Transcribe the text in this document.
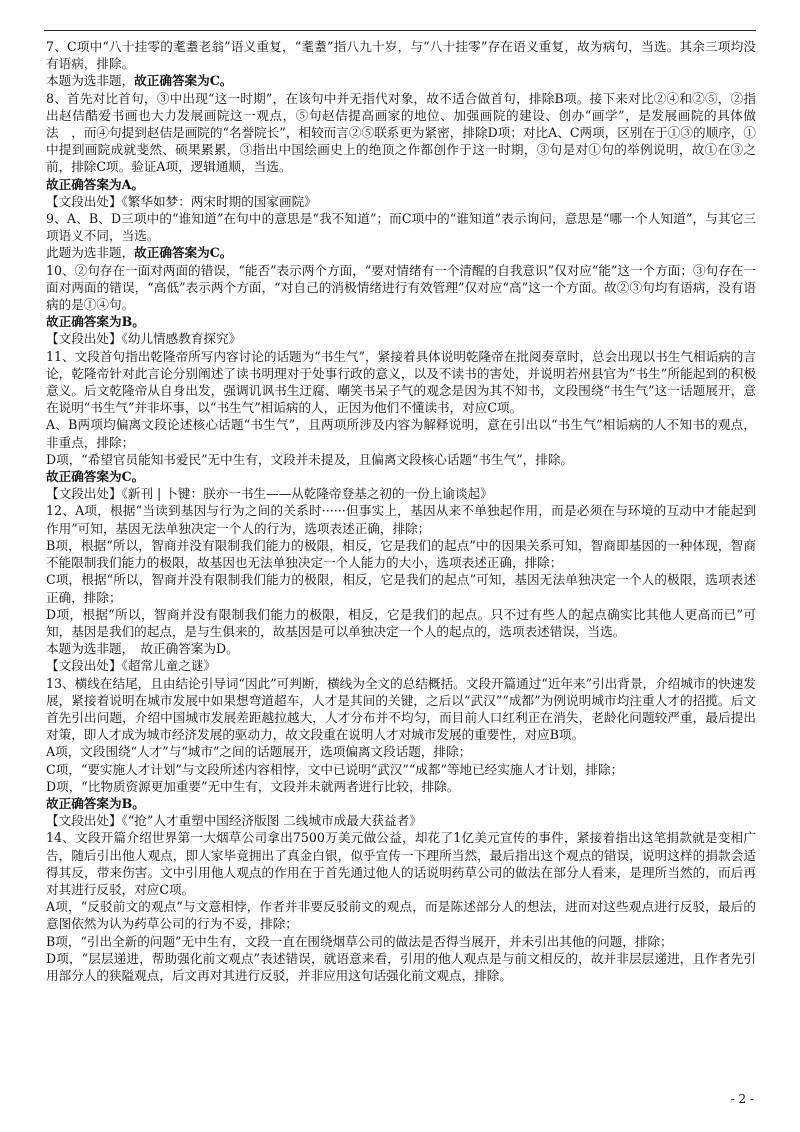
7、C项中“八十挂零的耄耋老翁”语义重复，“耄耋”指八九十岁，与“八十挂零”存在语义重复，故为病句，当选。其余三项均没有语病，排除。

本题为选非题，故正确答案为C。

8、首先对比首句，③中出现“这一时期”，在该句中并无指代对象，故不适合做首句，排除B项。接下来对比②④和②⑤，②指出赵佶酷爱书画也大力发展画院这一观点，⑤句赵佶提高画家的地位、加强画院的建设、创办“画学”，是发展画院的具体做法　，而④句提到赵佶是画院的“名誉院长”，相较而言②⑤联系更为紧密，排除D项；对比A、C两项，区别在于①③的顺序，①中提到画院成就斐然、硕果累累，③指出中国绘画史上的绝顶之作都创作于这一时期，③句是对①句的举例说明，故①在③之前，排除C项。验证A项，逻辑通顺，当选。

故正确答案为A。

【文段出处】《繁华如梦：两宋时期的国家画院》

9、A、B、D三项中的“谁知道”在句中的意思是“我不知道”；而C项中的“谁知道”表示询问，意思是“哪一个人知道”，与其它三项语义不同，当选。

此题为选非题，故正确答案为C。

10、②句存在一面对两面的错误，“能否”表示两个方面，“要对情绪有一个清醒的自我意识”仅对应“能”这一个方面；③句存在一面对两面的错误，“高低”表示两个方面，“对自己的消极情绪进行有效管理”仅对应“高”这一个方面。故②③句均有语病，没有语病的是①④句。

故正确答案为B。

【文段出处】《幼儿情感教育探究》

11、文段首句指出乾隆帝所写内容讨论的话题为“书生气”，紧接着具体说明乾隆帝在批阅奏章时，总会出现以书生气相诟病的言论，乾隆帝针对此言论分别阐述了读书明理对于处事行政的意义，以及不读书的害处，并说明若州县官为“书生”所能起到的积极意义。后文乾隆帝从自身出发，强调讥讽书生迂腐、嘲笑书呆子气的观念是因为其不知书，文段围绕“书生气”这一话题展开，意在说明“书生气”并非坏事，以“书生气”相诟病的人，正因为他们不懂读书，对应C项。

A、B两项均偏离文段论述核心话题“书生气”，且两项所涉及内容为解释说明，意在引出以“书生气”相诟病的人不知书的观点，非重点，排除；

D项，“希望官员能知书爱民”无中生有，文段并未提及，且偏离文段核心话题“书生气”，排除。

故正确答案为C。

【文段出处】《新刊 | 卜键：朕亦一书生——从乾隆帝登基之初的一份上谕谈起》

12、A项，根据“当读到基因与行为之间的关系时······但事实上，基因从来不单独起作用，而是必须在与环境的互动中才能起到作用”可知，基因无法单独决定一个人的行为，选项表述正确，排除；

B项，根据“所以，智商并没有限制我们能力的极限，相反，它是我们的起点”中的因果关系可知，智商即基因的一种体现，智商不能限制我们能力的极限，故基因也无法单独决定一个人能力的大小，选项表述正确，排除；

C项，根据“所以，智商并没有限制我们能力的极限，相反，它是我们的起点”可知，基因无法单独决定一个人的极限，选项表述正确，排除；

D项，根据“所以，智商并没有限制我们能力的极限，相反，它是我们的起点。只不过有些人的起点确实比其他人更高而已”可知，基因是我们的起点，是与生俱来的，故基因是可以单独决定一个人的起点的，选项表述错误，当选。

本题为选非题，　故正确答案为D。

【文段出处】《超常儿童之谜》

13、横线在结尾，且由结论引导词“因此”可判断，横线为全文的总结概括。文段开篇通过“近年来”引出背景，介绍城市的快速发展，紧接着说明在城市发展中如果想弯道超车，人才是其间的关键，之后以“武汉”“成都”为例说明城市均注重人才的招揽。后文首先引出问题，介绍中国城市发展差距越拉越大，人才分布并不均匀，而目前人口红利正在消失，老龄化问题较严重，最后提出对策，即人才成为城市经济发展的驱动力，故文段重在说明人才对城市发展的重要性，对应B项。

A项，文段围绕“人才”与“城市”之间的话题展开，选项偏离文段话题，排除；

C项，“要实施人才计划”与文段所述内容相悖，文中已说明“武汉”“成都”等地已经实施人才计划，排除；

D项，“比物质资源更加重要”无中生有，文段并未就两者进行比较，排除。

故正确答案为B。

【文段出处】《“抢”人才重塑中国经济版图 二线城市成最大获益者》

14、文段开篇介绍世界第一大烟草公司拿出7500万美元做公益，却花了1亿美元宣传的事件，紧接着指出这笔捐款就是变相广告，随后引出他人观点，即人家毕竟拥出了真金白银，似乎宣传一下理所当然，最后指出这个观点的错误，说明这样的捐款会适得其反，带来伤害。文中引用他人观点的作用在于首先通过他人的话说明药草公司的做法在部分人看来，是理所当然的，而后再对其进行反驳，对应C项。

A项，“反驳前文的观点”与文意相悖，作者并非要反驳前文的观点，而是陈述部分人的想法，进而对这些观点进行反驳，最后的意图依然为认为药草公司的行为不妥，排除；

B项，“引出全新的问题”无中生有，文段一直在围绕烟草公司的做法是否得当展开，并未引出其他的问题，排除；

D项，“层层递进，帮助强化前文观点”表述错误，就语意来看，引用的他人观点是与前文相反的，故并非层层递进，且作者先引用部分人的狭隘观点，后文再对其进行反驳，并非应用这句话强化前文观点，排除。

- 2 -
